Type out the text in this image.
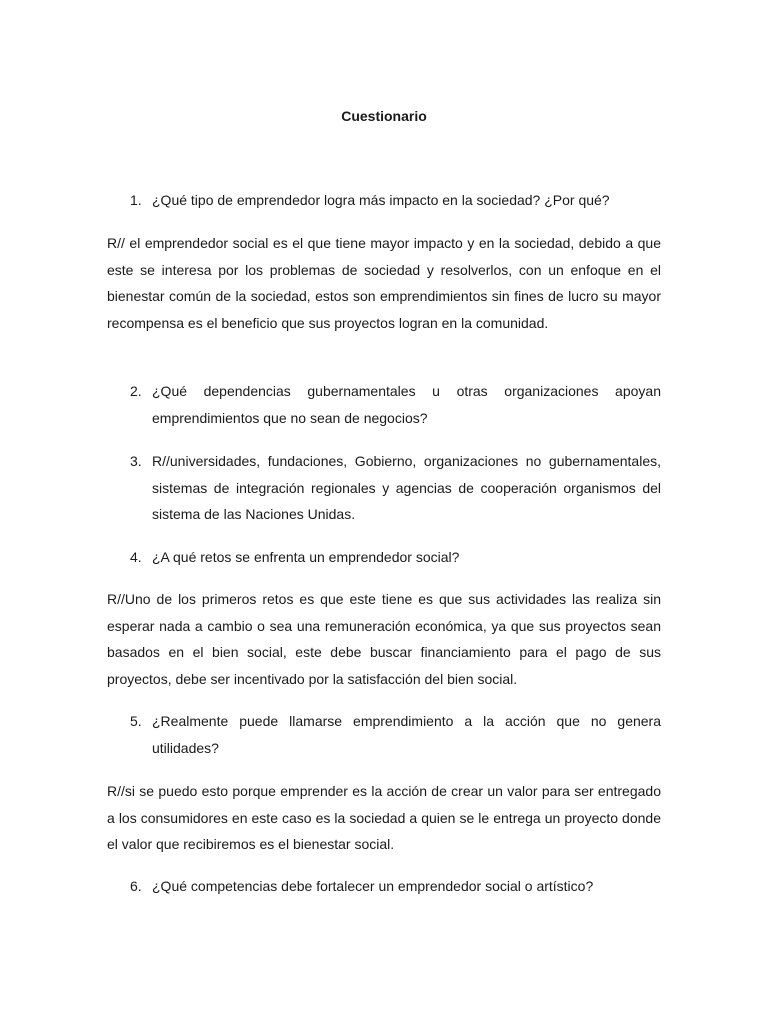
Cuestionario
1. ¿Qué tipo de emprendedor logra más impacto en la sociedad? ¿Por qué?
R// el emprendedor social es el que tiene mayor impacto y en la sociedad, debido a que este se interesa por los problemas de sociedad y resolverlos, con un enfoque en el bienestar común de la sociedad, estos son emprendimientos sin fines de lucro su mayor recompensa es el beneficio que sus proyectos logran en la comunidad.
2. ¿Qué dependencias gubernamentales u otras organizaciones apoyan emprendimientos que no sean de negocios?
3. R//universidades, fundaciones, Gobierno, organizaciones no gubernamentales, sistemas de integración regionales y agencias de cooperación organismos del sistema de las Naciones Unidas.
4. ¿A qué retos se enfrenta un emprendedor social?
R//Uno de los primeros retos es que este tiene es que sus actividades las realiza sin esperar nada a cambio o sea una remuneración económica, ya que sus proyectos sean basados en el bien social, este debe buscar financiamiento para el pago de sus proyectos, debe ser incentivado por la satisfacción del bien social.
5. ¿Realmente puede llamarse emprendimiento a la acción que no genera utilidades?
R//si se puedo esto porque emprender es la acción de crear un valor para ser entregado a los consumidores en este caso es la sociedad a quien se le entrega un proyecto donde el valor que recibiremos es el bienestar social.
6. ¿Qué competencias debe fortalecer un emprendedor social o artístico?
